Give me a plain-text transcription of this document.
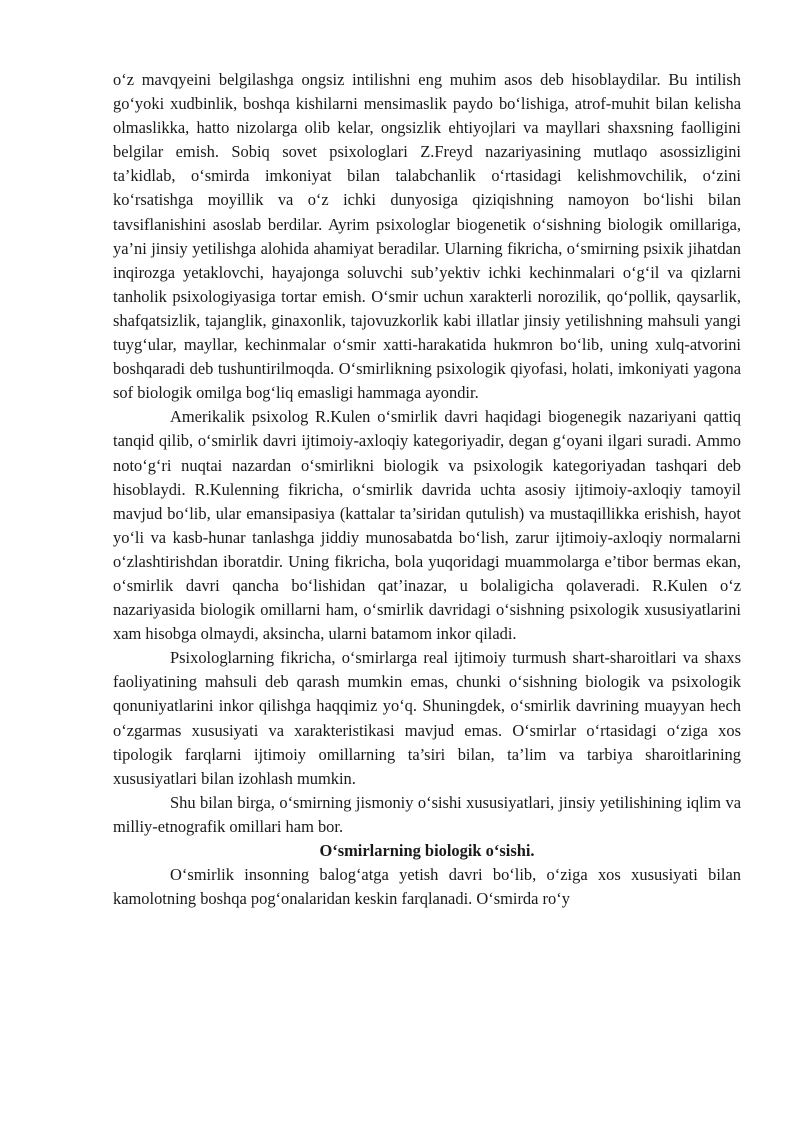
o‘z mavqyeini belgilashga ongsiz intilishni eng muhim asos deb hisoblaydilar. Bu intilish go‘yoki xudbinlik, boshqa kishilarni mensimaslik paydo bo‘lishiga, atrof-muhit bilan kelisha olmaslikka, hatto nizolarga olib kelar, ongsizlik ehtiyojlari va mayllari shaxsning faolligini belgilar emish. Sobiq sovet psixologlari Z.Freyd nazariyasining mutlaqo asossizligini ta’kidlab, o‘smirda imkoniyat bilan talabchanlik o‘rtasidagi kelishmovchilik, o‘zini ko‘rsatishga moyillik va o‘z ichki dunyosiga qiziqishning namoyon bo‘lishi bilan tavsiflanishini asoslab berdilar. Ayrim psixologlar biogenetik o‘sishning biologik omillariga, ya’ni jinsiy yetilishga alohida ahamiyat beradilar. Ularning fikricha, o‘smirning psixik jihatdan inqirozga yetaklovchi, hayajonga soluvchi sub’yektiv ichki kechinmalari o‘g‘il va qizlarni tanholik psixologiyasiga tortar emish. O‘smir uchun xarakterli norozilik, qo‘pollik, qaysarlik, shafqatsizlik, tajanglik, ginaxonlik, tajovuzkorlik kabi illatlar jinsiy yetilishning mahsuli yangi tuyg‘ular, mayllar, kechinmalar o‘smir xatti-harakatida hukmron bo‘lib, uning xulq-atvorini boshqaradi deb tushuntirilmoqda. O‘smirlikning psixologik qiyofasi, holati, imkoniyati yagona sof biologik omilga bog‘liq emasligi hammaga ayondir.

Amerikalik psixolog R.Kulen o‘smirlik davri haqidagi biogenegik nazariyani qattiq tanqid qilib, o‘smirlik davri ijtimoiy-axloqiy kategoriyadir, degan g‘oyani ilgari suradi. Ammo noto‘g‘ri nuqtai nazardan o‘smirlikni biologik va psixologik kategoriyadan tashqari deb hisoblaydi. R.Kulenning fikricha, o‘smirlik davrida uchta asosiy ijtimoiy-axloqiy tamoyil mavjud bo‘lib, ular emansipasiya (kattalar ta’siridan qutulish) va mustaqillikka erishish, hayot yo‘li va kasb-hunar tanlashga jiddiy munosabatda bo‘lish, zarur ijtimoiy-axloqiy normalarni o‘zlashtirishdan iboratdir. Uning fikricha, bola yuqoridagi muammolarga e’tibor bermas ekan, o‘smirlik davri qancha bo‘lishidan qat’inazar, u bolaligicha qolaveradi. R.Kulen o‘z nazariyasida biologik omillarni ham, o‘smirlik davridagi o‘sishning psixologik xususiyatlarini xam hisobga olmaydi, aksincha, ularni batamom inkor qiladi.

Psixologlarning fikricha, o‘smirlarga real ijtimoiy turmush shart-sharoitlari va shaxs faoliyatining mahsuli deb qarash mumkin emas, chunki o‘sishning biologik va psixologik qonuniyatlarini inkor qilishga haqqimiz yo‘q. Shuningdek, o‘smirlik davrining muayyan hech o‘zgarmas xususiyati va xarakteristikasi mavjud emas. O‘smirlar o‘rtasidagi o‘ziga xos tipologik farqlarni ijtimoiy omillarning ta’siri bilan, ta’lim va tarbiya sharoitlarining xususiyatlari bilan izohlash mumkin.

Shu bilan birga, o‘smirning jismoniy o‘sishi xususiyatlari, jinsiy yetilishining iqlim va milliy-etnografik omillari ham bor.

O‘smirlarning biologik o‘sishi.

O‘smirlik insonning balog‘atga yetish davri bo‘lib, o‘ziga xos xususiyati bilan kamolotning boshqa pog‘onalaridan keskin farqlanadi. O‘smirda ro‘y
